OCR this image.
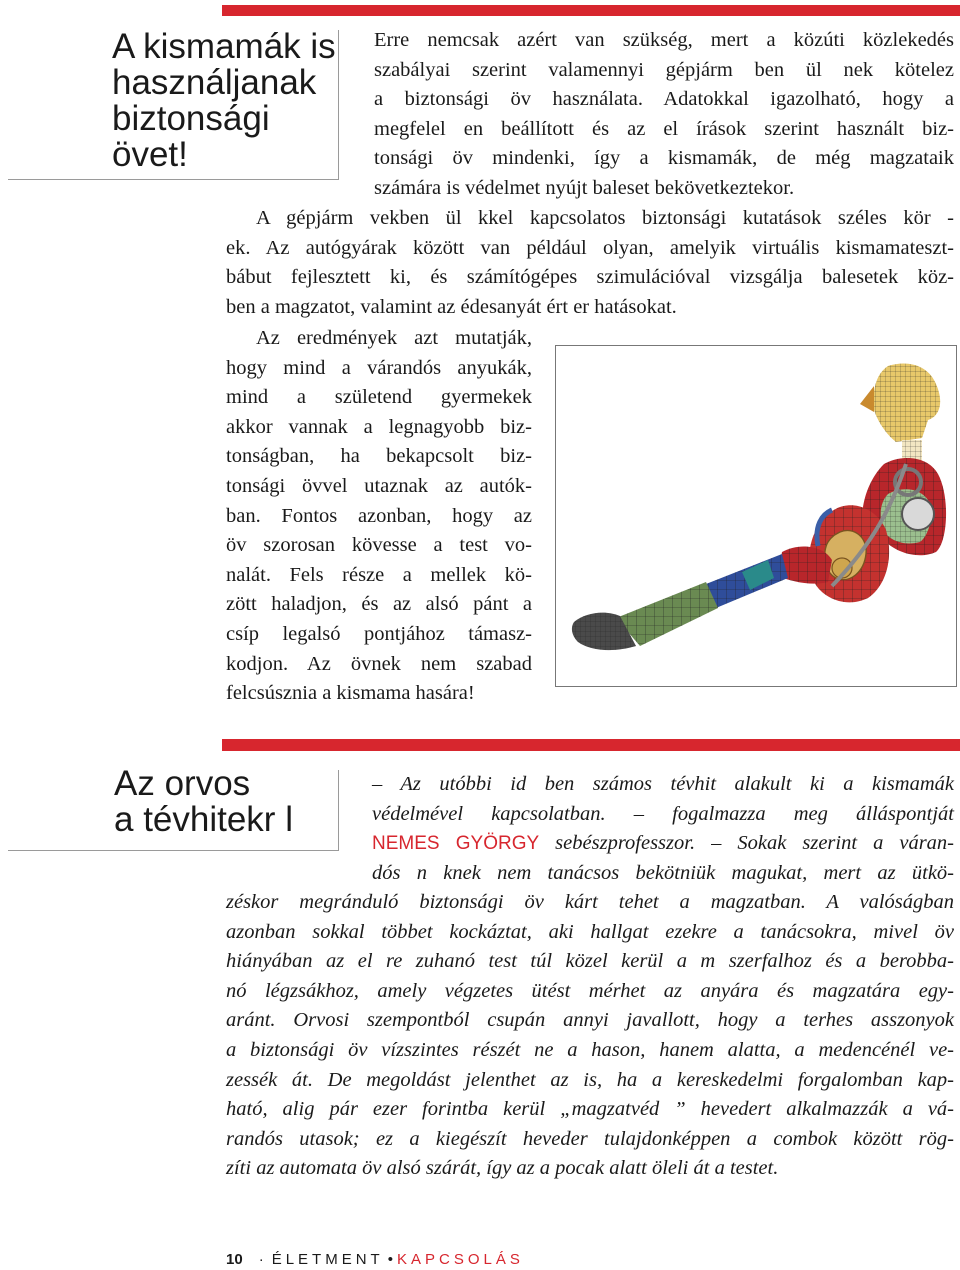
A kismamák is
használjanak
biztonsági
övet!
Erre nemcsak azért van szükség, mert a közúti közlekedés
szabályai szerint valamennyi gépjárm ben ül nek kötelez
a biztonsági öv használata. Adatokkal igazolható, hogy a
megfelel en beállított és az el írások szerint használt biz-
tonsági öv mindenki, így a kismamák, de még magzataik
számára is védelmet nyújt baleset bekövetkeztekor.
A gépjárm vekben ül kkel kapcsolatos biztonsági kutatások széles kör -
ek. Az autógyárak között van például olyan, amelyik virtuális kismamateszt-
bábut fejlesztett ki, és számítógépes szimulációval vizsgálja balesetek köz-
ben a magzatot, valamint az édesanyát ért er hatásokat.
Az eredmények azt mutatják,
hogy mind a várandós anyukák,
mind a születend gyermekek
akkor vannak a legnagyobb biz-
tonságban, ha bekapcsolt biz-
tonsági övvel utaznak az autók-
ban. Fontos azonban, hogy az
öv szorosan kövesse a test vo-
nalát. Fels része a mellek kö-
zött haladjon, és az alsó pánt a
csíp legalsó pontjához támasz-
kodjon. Az övnek nem szabad
felcsúsznia a kismama hasára!
Az orvos
a tévhitekr l
– Az utóbbi id ben számos tévhit alakult ki a kismamák
védelmével kapcsolatban. – fogalmazza meg álláspontját
NEMES GYÖRGY sebészprofesszor. – Sokak szerint a váran-
dós n knek nem tanácsos bekötniük magukat, mert az ütkö-
zéskor megránduló biztonsági öv kárt tehet a magzatban. A valóságban
azonban sokkal többet kockáztat, aki hallgat ezekre a tanácsokra, mivel öv
hiányában az el re zuhanó test túl közel kerül a m szerfalhoz és a berobba-
nó légzsákhoz, amely végzetes ütést mérhet az anyára és magzatára egy-
aránt. Orvosi szempontból csupán annyi javallott, hogy a terhes asszonyok
a biztonsági öv vízszintes részét ne a hason, hanem alatta, a medencénél ve-
zessék át. De megoldást jelenthet az is, ha a kereskedelmi forgalomban kap-
ható, alig pár ezer forintba kerül „magzatvéd ” hevedert alkalmazzák a vá-
randós utasok; ez a kiegészít heveder tulajdonképpen a combok között rög-
zíti az automata öv alsó szárát, így az a pocak alatt öleli át a testet.

10 · ÉLETMENT • KAPCSOLÁS
